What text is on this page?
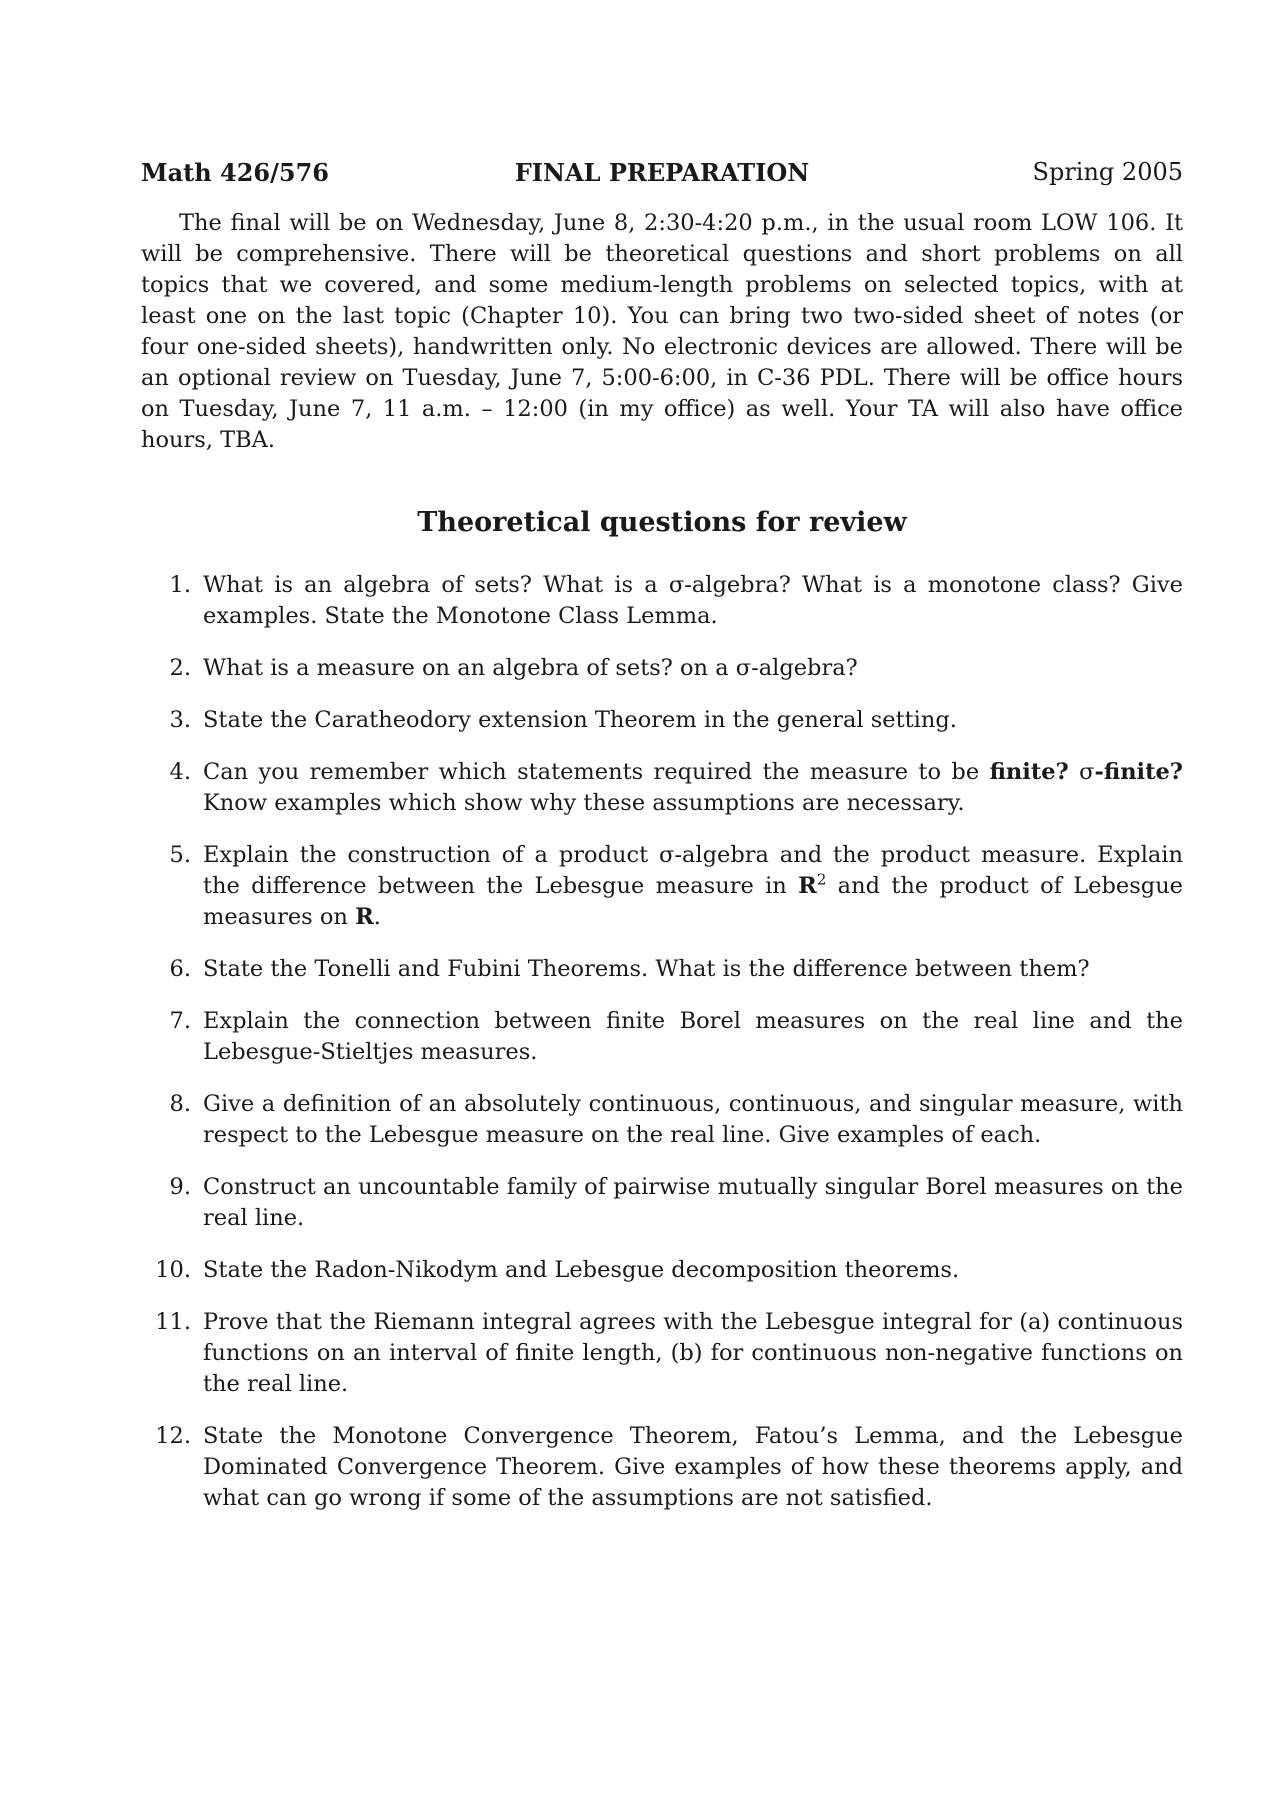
Math 426/576	FINAL PREPARATION	Spring 2005

The final will be on Wednesday, June 8, 2:30-4:20 p.m., in the usual room LOW 106. It will be comprehensive. There will be theoretical questions and short problems on all topics that we covered, and some medium-length problems on selected topics, with at least one on the last topic (Chapter 10). You can bring two two-sided sheet of notes (or four one-sided sheets), handwritten only. No electronic devices are allowed. There will be an optional review on Tuesday, June 7, 5:00-6:00, in C-36 PDL. There will be office hours on Tuesday, June 7, 11 a.m. – 12:00 (in my office) as well. Your TA will also have office hours, TBA.

Theoretical questions for review
1. What is an algebra of sets? What is a σ-algebra? What is a monotone class? Give examples. State the Monotone Class Lemma.
2. What is a measure on an algebra of sets? on a σ-algebra?
3. State the Caratheodory extension Theorem in the general setting.
4. Can you remember which statements required the measure to be finite? σ-finite? Know examples which show why these assumptions are necessary.
5. Explain the construction of a product σ-algebra and the product measure. Explain the difference between the Lebesgue measure in $R^2$ and the product of Lebesgue measures on R.
6. State the Tonelli and Fubini Theorems. What is the difference between them?
7. Explain the connection between finite Borel measures on the real line and the Lebesgue-Stieltjes measures.
8. Give a definition of an absolutely continuous, continuous, and singular measure, with respect to the Lebesgue measure on the real line. Give examples of each.
9. Construct an uncountable family of pairwise mutually singular Borel measures on the real line.
10. State the Radon-Nikodym and Lebesgue decomposition theorems.
11. Prove that the Riemann integral agrees with the Lebesgue integral for (a) continuous functions on an interval of finite length, (b) for continuous non-negative functions on the real line.
12. State the Monotone Convergence Theorem, Fatou’s Lemma, and the Lebesgue Dominated Convergence Theorem. Give examples of how these theorems apply, and what can go wrong if some of the assumptions are not satisfied.
